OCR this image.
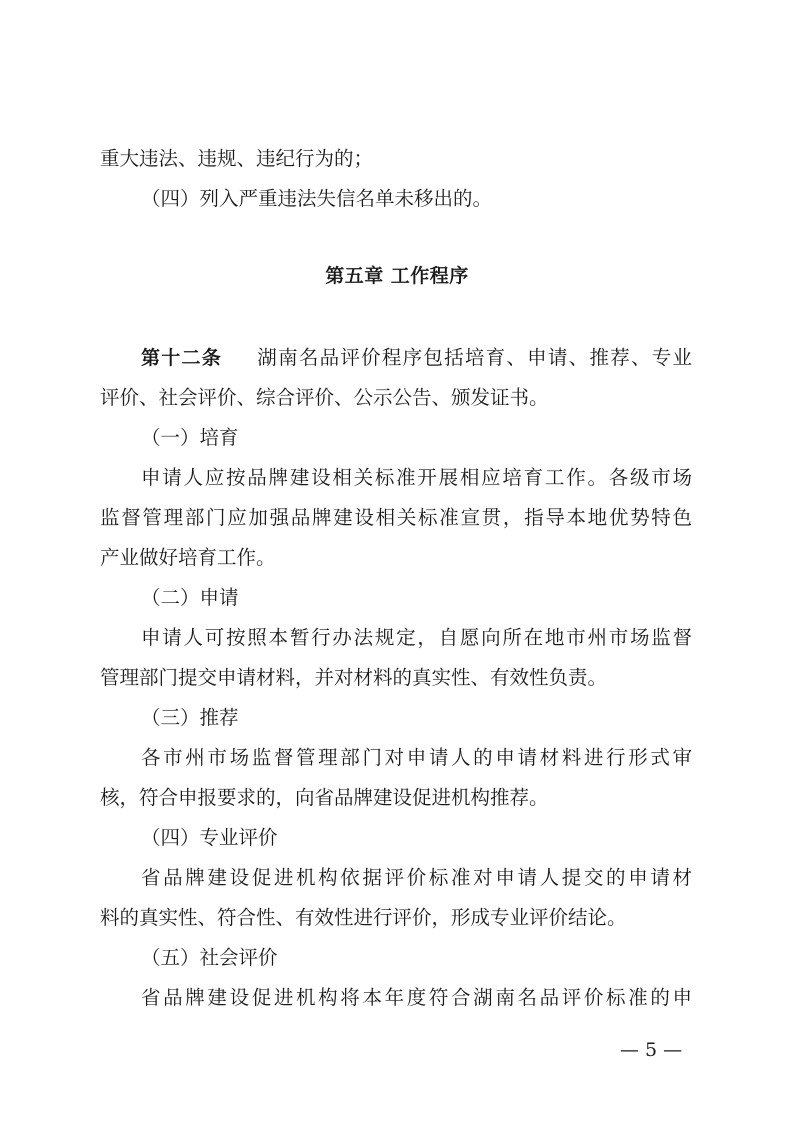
重大违法、违规、违纪行为的；
（四）列入严重违法失信名单未移出的。
第五章 工作程序
第十二条 湖南名品评价程序包括培育、申请、推荐、专业
评价、社会评价、综合评价、公示公告、颁发证书。
（一）培育
申请人应按品牌建设相关标准开展相应培育工作。各级市场
监督管理部门应加强品牌建设相关标准宣贯，指导本地优势特色
产业做好培育工作。
（二）申请
申请人可按照本暂行办法规定，自愿向所在地市州市场监督
管理部门提交申请材料，并对材料的真实性、有效性负责。
（三）推荐
各市州市场监督管理部门对申请人的申请材料进行形式审
核，符合申报要求的，向省品牌建设促进机构推荐。
（四）专业评价
省品牌建设促进机构依据评价标准对申请人提交的申请材
料的真实性、符合性、有效性进行评价，形成专业评价结论。
（五）社会评价
省品牌建设促进机构将本年度符合湖南名品评价标准的申
— 5 —
